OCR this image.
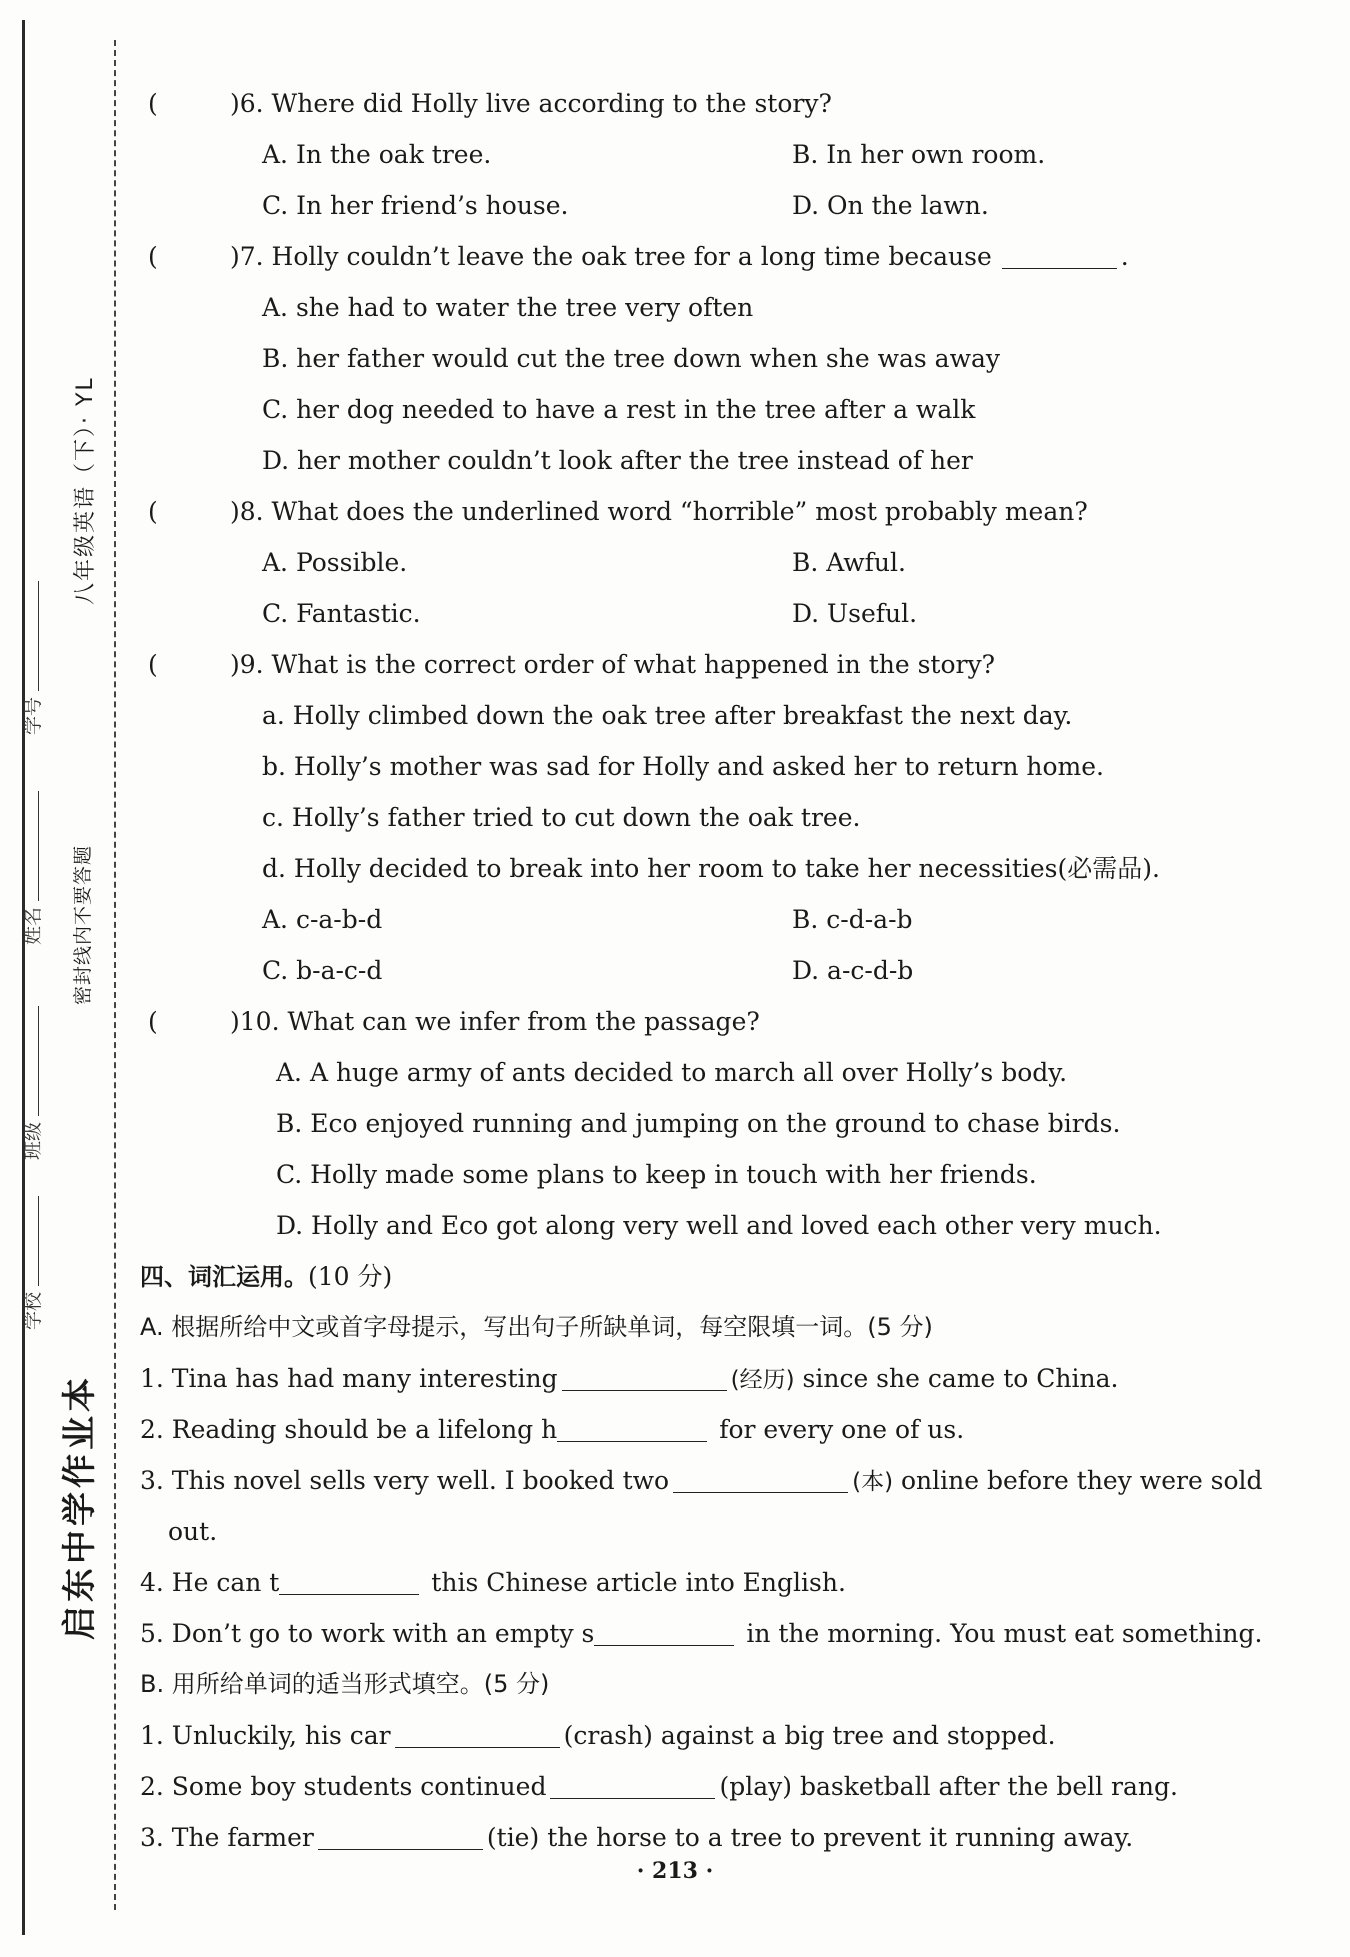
启东中学作业本
八年级英语（下）· YL
密封线内不要答题
学校
班级
姓名
学号
(	)6. Where did Holly live according to the story?
A. In the oak tree.	B. In her own room.
C. In her friend’s house.	D. On the lawn.
(	)7. Holly couldn’t leave the oak tree for a long time because	.
A. she had to water the tree very often
B. her father would cut the tree down when she was away
C. her dog needed to have a rest in the tree after a walk
D. her mother couldn’t look after the tree instead of her
(	)8. What does the underlined word “horrible” most probably mean?
A. Possible.	B. Awful.
C. Fantastic.	D. Useful.
(	)9. What is the correct order of what happened in the story?
a. Holly climbed down the oak tree after breakfast the next day.
b. Holly’s mother was sad for Holly and asked her to return home.
c. Holly’s father tried to cut down the oak tree.
d. Holly decided to break into her room to take her necessities(必需品).
A. c-a-b-d	B. c-d-a-b
C. b-a-c-d	D. a-c-d-b
(	)10. What can we infer from the passage?
A. A huge army of ants decided to march all over Holly’s body.
B. Eco enjoyed running and jumping on the ground to chase birds.
C. Holly made some plans to keep in touch with her friends.
D. Holly and Eco got along very well and loved each other very much.
四、词汇运用。(10 分)
A. 根据所给中文或首字母提示，写出句子所缺单词，每空限填一词。(5 分)
1. Tina has had many interesting	(经历) since she came to China.
2. Reading should be a lifelong h	for every one of us.
3. This novel sells very well. I booked two	(本) online before they were sold
out.
4. He can t	this Chinese article into English.
5. Don’t go to work with an empty s	in the morning. You must eat something.
B. 用所给单词的适当形式填空。(5 分)
1. Unluckily, his car	(crash) against a big tree and stopped.
2. Some boy students continued	(play) basketball after the bell rang.
3. The farmer	(tie) the horse to a tree to prevent it running away.
· 213 ·
